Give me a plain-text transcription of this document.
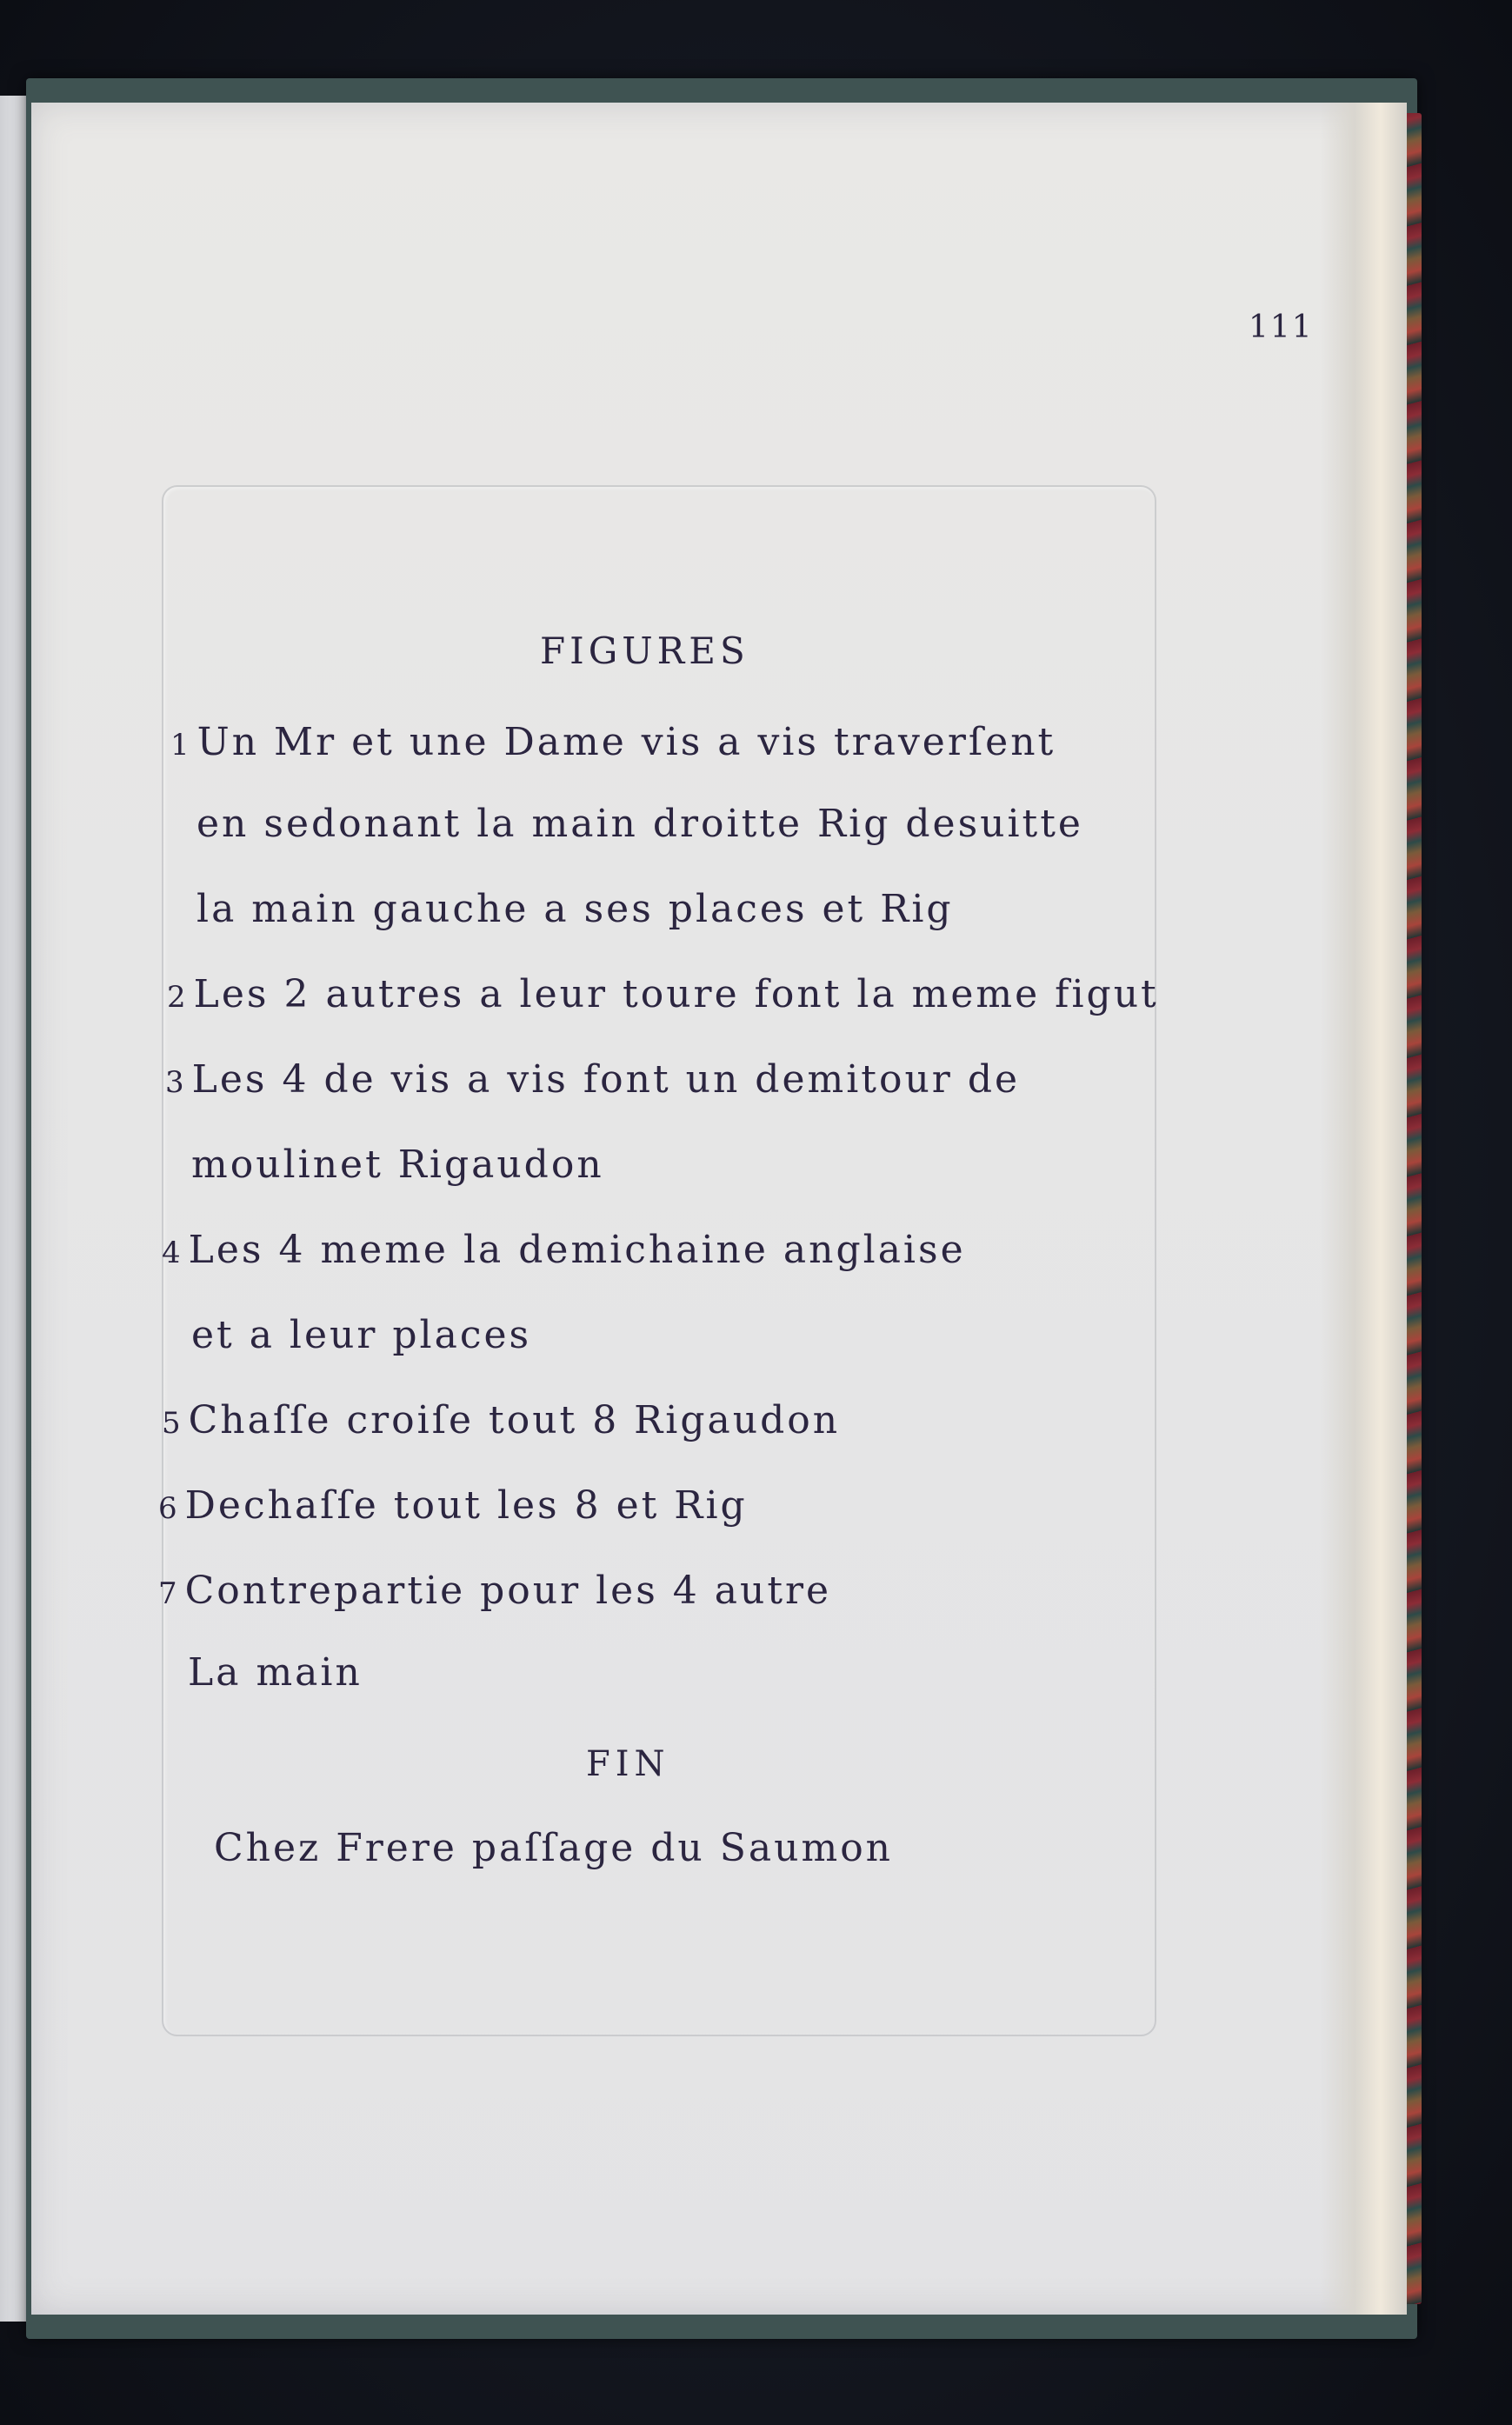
111
FIGURES
1 Un Mr et une Dame vis a vis traverſent
en sedonant la main droitte Rig desuitte
la main gauche a ses places et Rig
2 Les 2 autres a leur toure font la meme figut
3 Les 4 de vis a vis font un demitour de
moulinet Rigaudon
4 Les 4 meme la demichaine anglaise
et a leur places
5 Chaſſe croiſe tout 8 Rigaudon
6 Dechaſſe tout les 8 et Rig
7 Contrepartie pour les 4 autre
La main
FIN
Chez Frere paſſage du Saumon
